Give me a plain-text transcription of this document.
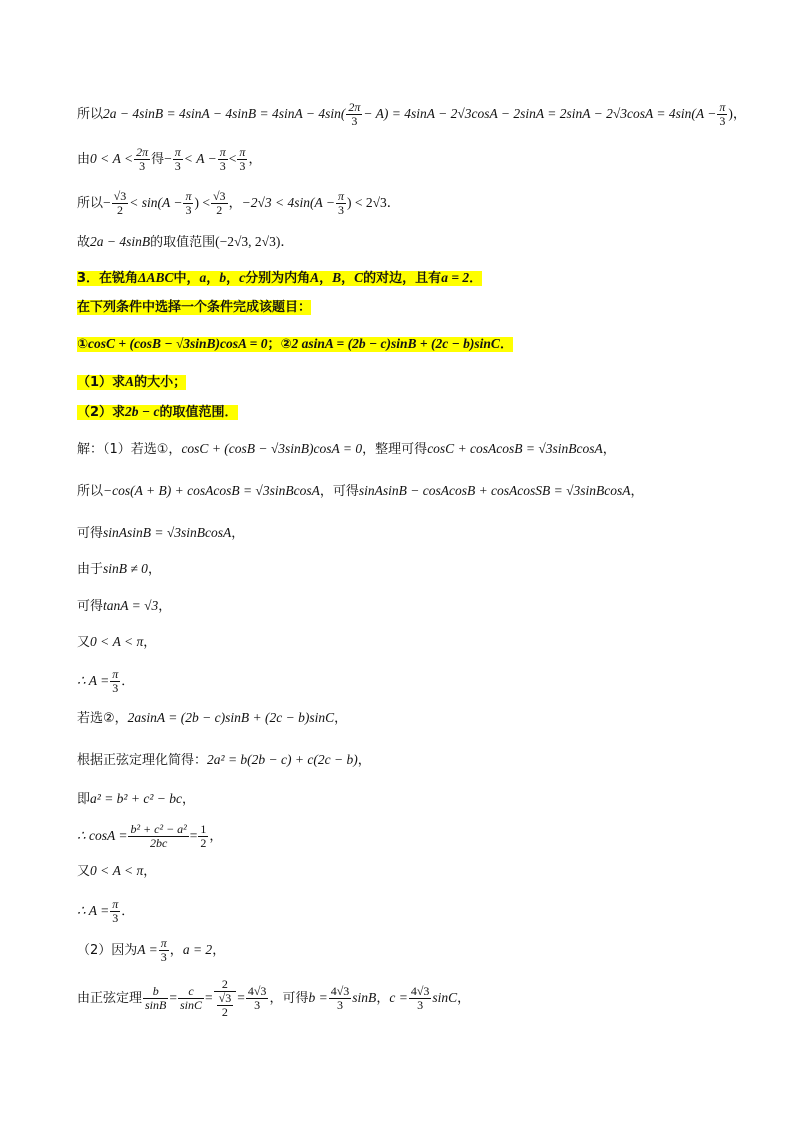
所以$2a - 4\sin B = 4\sin A - 4\sin B = 4\sin A - 4\sin( \frac{2\pi}{3} - A) = 4\sin A - 2√3\cos A - 2\sin A = 2\sin A - 2√3\cos A = 4\sin(A - \frac{\pi}{3}$ )，
由$0 < A < \frac{2\pi}{3}$ 得− $\frac{\pi}{3} < A - \frac{\pi}{3} < \frac{\pi}{3}$ ，
所以− $\frac{√3}{2} < \sin(A - \frac{\pi}{3}$ ) < $\frac{√3}{2}$ ，$-2√3 < 4\sin(A - \frac{\pi}{3}$ ) < 2√3．
故2a − 4sinB的取值范围(−2√3, 2√3)．
3．在锐角ΔABC中，a，b，c分别为内角A，B，C的对边，且有a = 2．
在下列条件中选择一个条件完成该题目：
①cosC + (cosB − √3sinB)cosA = 0；②2 asinA = (2b − c)sinB + (2c − b)sinC．
（1）求A的大小；
（2）求2b − c的取值范围．
解：（1）若选①，cosC + (cosB − √3sinB)cosA = 0，整理可得cosC + cosAcosB = √3sinBcosA，
所以−cos(A + B) + cosAcosB = √3sinBcosA，可得sinAsinB − cosAcosB + cosAcosSB = √3sinBcosA，
可得sinAsinB = √3sinBcosA，
由于sinB ≠ 0，
可得tanA = √3，
又0 < A < π，
∴ $A = \frac{\pi}{3}$ ．
若选②，2asinA = (2b − c)sinB + (2c − b)sinC，
根据正弦定理化简得：2a² = b(2b − c) + c(2c − b)，
即a² = b² + c² − bc，
∴ $\cos A = \frac{\text{b² + c² − a²}}{2bc} = \frac{1}{2}$ ，
又0 < A < π，
∴ $A = \frac{\pi}{3}$ ．
（2）因为$A = \frac{\pi}{3}$ ，a = 2，
由正弦定理 $\frac{b}{\sin B} = \frac{c}{\sin C} = \frac{2}{\frac{√3}{2}} = \frac{4√3}{3}$ ，可得$b = \frac{4√3}{3}$ sinB，$c = \frac{4√3}{3}$ sinC，
